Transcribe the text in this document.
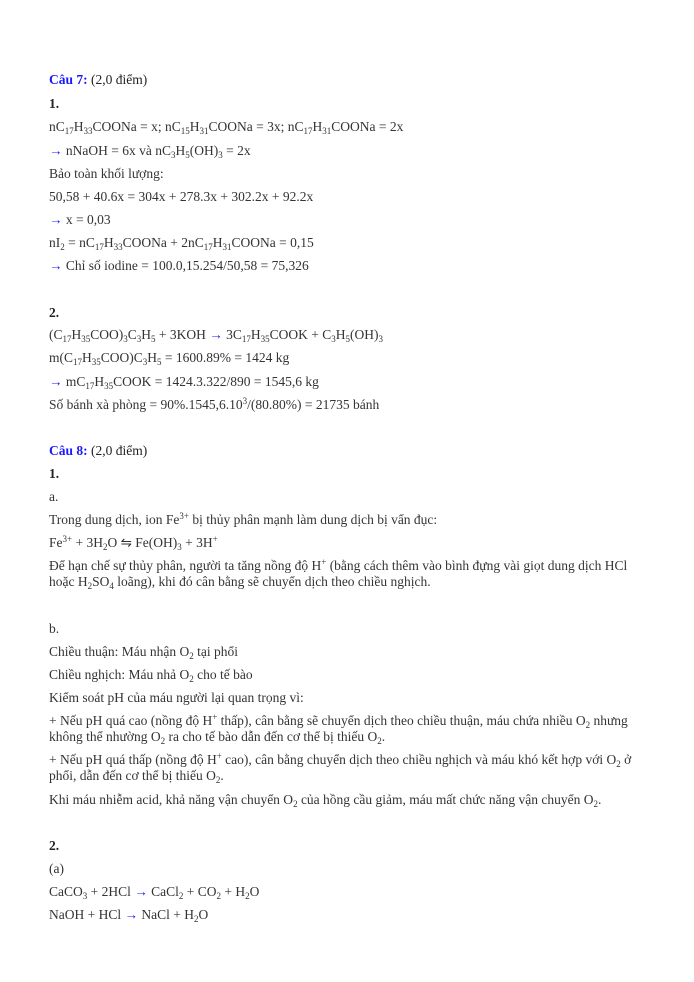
Câu 7: (2,0 điểm)
1.
$nC_{17}H_{33}COONa = x$; $nC_{15}H_{31}COONa = 3x$; $nC_{17}H_{31}COONa = 2x$
→ nNaOH = 6x và $nC_3H_5(OH)_3 = 2x$
Bảo toàn khối lượng:
50,58 + 40.6x = 304x + 278.3x + 302.2x + 92.2x
→ x = 0,03
$nI_2$ = $nC_{17}H_{33}COONa$ + $2nC_{17}H_{31}COONa = 0,15$
→ Chỉ số iodine = 100.0,15.254/50,58 = 75,326
2.
$(C_{17}H_{35}COO)_3C_3H_5 + 3KOH$ → $3C_{17}H_{35}COOK + C_3H_5(OH)_3$
$m(C_{17}H_{35}COO)C_3H_5 = 1600.89\% = 1424$ kg
→ $mC_{17}H_{35}COOK = 1424.3.322/890 = 1545,6$ kg
Số bánh xà phòng = $90\%.1545,6.10^3/(80.80\%) = 21735$ bánh
Câu 8: (2,0 điểm)
1.
a.
Trong dung dịch, ion $Fe^{3+}$ bị thủy phân mạnh làm dung dịch bị vẩn đục:
$Fe^{3+} + 3H_2O$ ⇋ $Fe(OH)_3 + 3H^+$
Để hạn chế sự thủy phân, người ta tăng nồng độ H+ (bằng cách thêm vào bình đựng vài giọt dung dịch HCl hoặc $H_2SO_4$ loãng), khi đó cân bằng sẽ chuyển dịch theo chiều nghịch.
b.
Chiều thuận: Máu nhận $O_2$ tại phổi
Chiều nghịch: Máu nhả $O_2$ cho tế bào
Kiểm soát pH của máu người lại quan trọng vì:
+ Nếu pH quá cao (nồng độ H+ thấp), cân bằng sẽ chuyển dịch theo chiều thuận, máu chứa nhiều $O_2$ nhưng không thể nhường $O_2$ ra cho tế bào dẫn đến cơ thể bị thiếu $O_2$.
+ Nếu pH quá thấp (nồng độ H+ cao), cân bằng chuyển dịch theo chiều nghịch và máu khó kết hợp với $O_2$ ở phổi, dẫn đến cơ thể bị thiếu $O_2$.
Khi máu nhiễm acid, khả năng vận chuyển $O_2$ của hồng cầu giảm, máu mất chức năng vận chuyển $O_2$.
2.
(a)
CaCO$_3$ + 2HCl → CaCl$_2$ + $CO_2 + H_2O$
NaOH + HCl → NaCl + $H_2O$
